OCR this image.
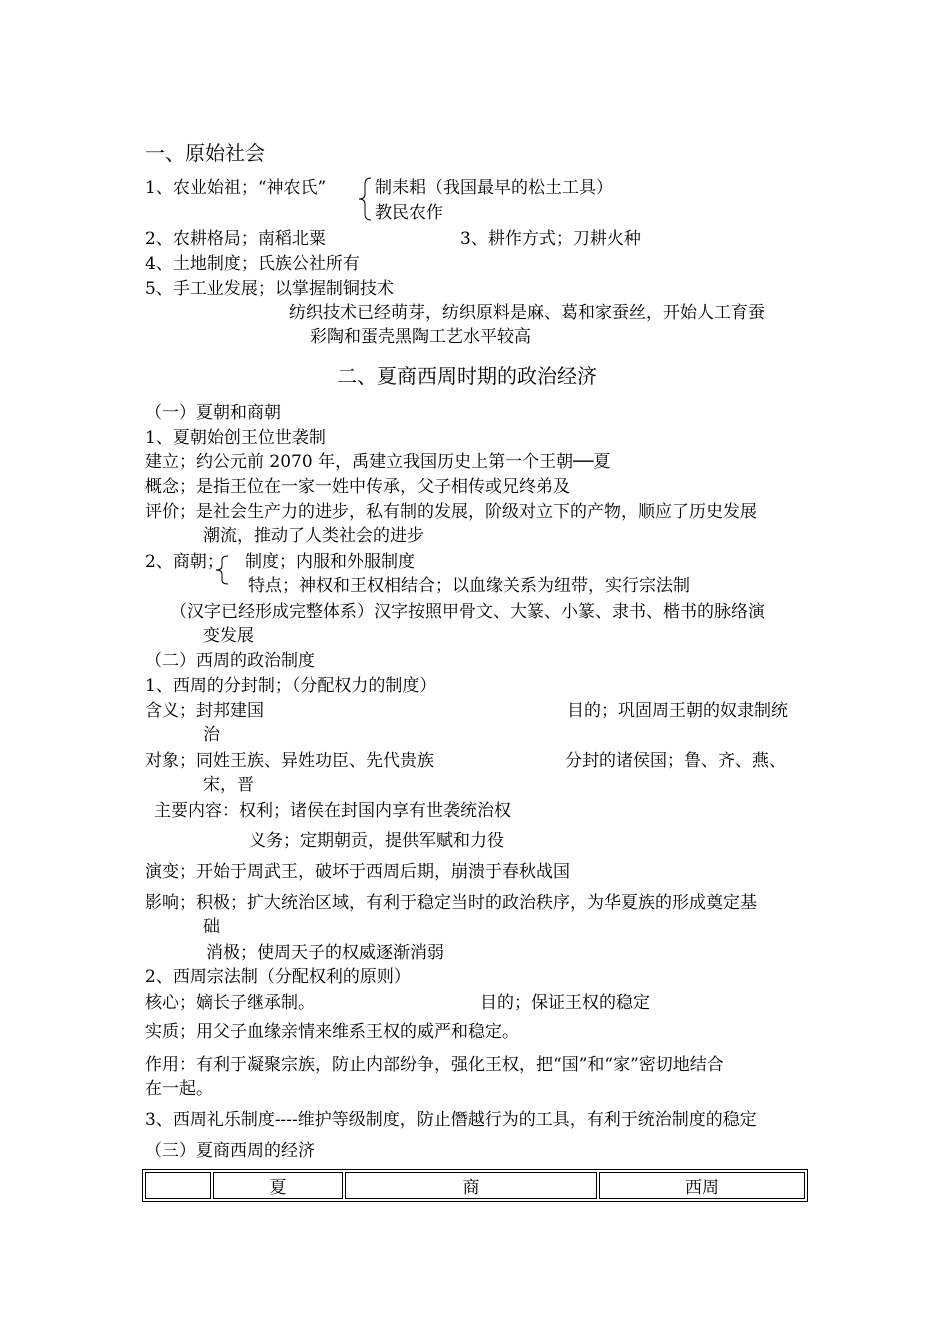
一、原始社会
1、农业始祖；“神农氏”	制耒耜（我国最早的松土工具）
教民农作
2、农耕格局；南稻北粟	3、耕作方式；刀耕火种
4、土地制度；氏族公社所有
5、手工业发展；以掌握制铜技术
纺织技术已经萌芽，纺织原料是麻、葛和家蚕丝，开始人工育蚕
彩陶和蛋壳黑陶工艺水平较高
二、夏商西周时期的政治经济
（一）夏朝和商朝
1、夏朝始创王位世袭制
建立；约公元前 2070 年，禹建立我国历史上第一个王朝──夏
概念；是指王位在一家一姓中传承，父子相传或兄终弟及
评价；是社会生产力的进步，私有制的发展，阶级对立下的产物，顺应了历史发展
潮流，推动了人类社会的进步
2、商朝； 制度；内服和外服制度
特点；神权和王权相结合；以血缘关系为纽带，实行宗法制
（汉字已经形成完整体系）汉字按照甲骨文、大篆、小篆、隶书、楷书的脉络演
变发展
（二）西周的政治制度
1、西周的分封制；（分配权力的制度）
含义；封邦建国	目的；巩固周王朝的奴隶制统
治
对象；同姓王族、异姓功臣、先代贵族	分封的诸侯国；鲁、齐、燕、
宋，晋
主要内容：权利；诸侯在封国内享有世袭统治权
义务；定期朝贡，提供军赋和力役
演变；开始于周武王，破坏于西周后期，崩溃于春秋战国
影响；积极；扩大统治区域，有利于稳定当时的政治秩序，为华夏族的形成奠定基
础
消极；使周天子的权威逐渐消弱
2、西周宗法制（分配权利的原则）
核心；嫡长子继承制。	目的；保证王权的稳定
实质；用父子血缘亲情来维系王权的威严和稳定。
作用：有利于凝聚宗族，防止内部纷争，强化王权，把“国”和“家”密切地结合
在一起。
3、西周礼乐制度----维护等级制度，防止僭越行为的工具，有利于统治制度的稳定
（三）夏商西周的经济
	夏	商	西周
